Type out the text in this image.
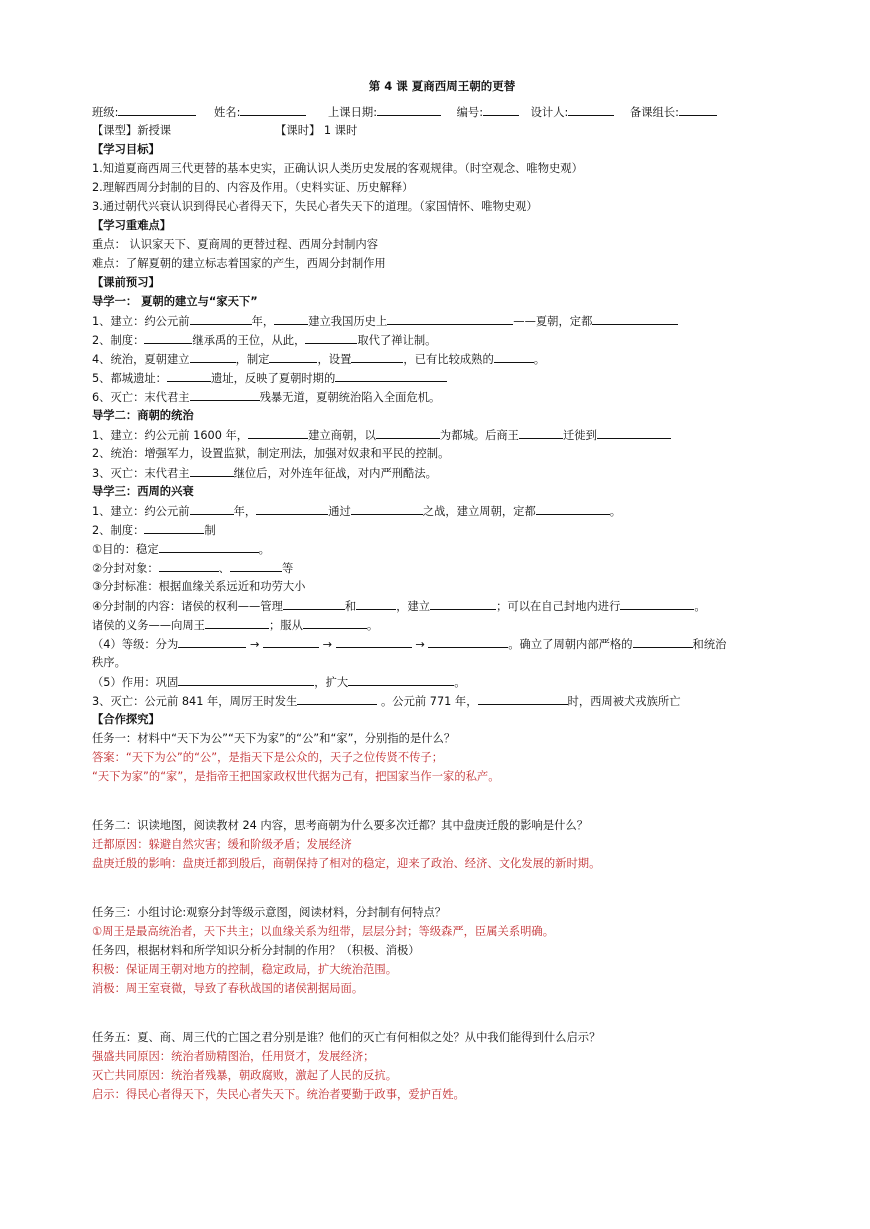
第 4 课 夏商西周王朝的更替
班级:	姓名:	上课日期:	编号:	设计人:	备课组长:
【课型】新授课	【课时】 1 课时
【学习目标】
1.知道夏商西周三代更替的基本史实，正确认识人类历史发展的客观规律。（时空观念、唯物史观）
2.理解西周分封制的目的、内容及作用。（史料实证、历史解释）
3.通过朝代兴衰认识到得民心者得天下，失民心者失天下的道理。（家国情怀、唯物史观）
【学习重难点】
重点： 认识家天下、夏商周的更替过程、西周分封制内容
难点：了解夏朝的建立标志着国家的产生，西周分封制作用
【课前预习】
导学一： 夏朝的建立与“家天下”
1、建立：约公元前	年，	建立我国历史上	——夏朝，定都
2、制度：	继承禹的王位，从此，	取代了禅让制。
4、统治，夏朝建立	，制定	，设置	，已有比较成熟的	。
5、都城遗址：	遗址，反映了夏朝时期的
6、灭亡：末代君主	残暴无道，夏朝统治陷入全面危机。
导学二：商朝的统治
1、建立：约公元前 1600 年，	建立商朝，以	为都城。后商王	迁徙到
2、统治：增强军力，设置监狱，制定刑法，加强对奴隶和平民的控制。
3、灭亡：末代君主	继位后，对外连年征战，对内严刑酷法。
导学三：西周的兴衰
1、建立：约公元前	年，	通过	之战，建立周朝，定都	。
2、制度：	制
①目的：稳定	。
②分封对象：	、	等
③分封标准：根据血缘关系远近和功劳大小
④分封制的内容：诸侯的权利——管理	和	，建立	；可以在自己封地内进行	。
诸侯的义务——向周王	；服从	。
（4）等级：分为	→	→	→	。确立了周朝内部严格的	和统治
秩序。
（5）作用：巩固	，扩大	。
3、灭亡：公元前 841 年，周厉王时发生	。公元前 771 年，	时，西周被犬戎族所亡
【合作探究】
任务一：材料中“天下为公”“天下为家”的“公”和“家”，分别指的是什么？
答案：“天下为公”的“公”，是指天下是公众的，天子之位传贤不传子；
“天下为家”的“家”，是指帝王把国家政权世代据为己有，把国家当作一家的私产。
任务二：识读地图，阅读教材 24 内容，思考商朝为什么要多次迁都？其中盘庚迁殷的影响是什么？
迁都原因：躲避自然灾害；缓和阶级矛盾；发展经济
盘庚迁殷的影响：盘庚迁都到殷后，商朝保持了相对的稳定，迎来了政治、经济、文化发展的新时期。
任务三：小组讨论:观察分封等级示意图，阅读材料，分封制有何特点？
①周王是最高统治者，天下共主；以血缘关系为纽带，层层分封；等级森严，臣属关系明确。
任务四，根据材料和所学知识分析分封制的作用？（积极、消极）
积极：保证周王朝对地方的控制，稳定政局，扩大统治范围。
消极：周王室衰微，导致了春秋战国的诸侯割据局面。
任务五：夏、商、周三代的亡国之君分别是谁？他们的灭亡有何相似之处？从中我们能得到什么启示？
强盛共同原因：统治者励精图治，任用贤才，发展经济；
灭亡共同原因：统治者残暴，朝政腐败，激起了人民的反抗。
启示：得民心者得天下，失民心者失天下。统治者要勤于政事，爱护百姓。
